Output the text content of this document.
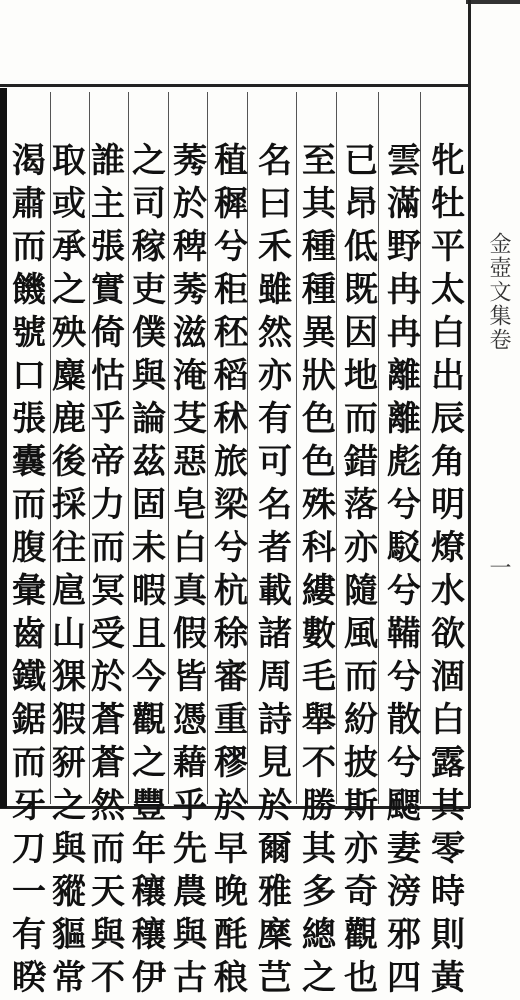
牝牡平太白出辰角明燎水欲涸白露其零時則黃
雲滿野冉冉離離彪兮駁兮鞴兮散兮颸妻滂邪四
已昂低既因地而錯落亦隨風而紛披斯亦奇觀也
至其種種異狀色色殊科縷數毛舉不勝其多總之
名曰禾雖然亦有可名者載諸周詩見於爾雅穈芑
稙穉兮秬秠稻秫旅梁兮杭稌審重穋於早晚酕稂
莠於稗莠滋淹芟惡皂白真假皆憑藉乎先農與古
之司稼吏僕與論茲固未暇且今觀之豐年穰穰伊
誰主張實倚怙乎帝力而冥受於蒼蒼然而天與不
取或承之殃麋鹿後採往扈山猓猳豜之與豵貙常
渴肅而饑號口張囊而腹彙齒鐵鋸而牙刀一有睽
金壺文集卷
一
